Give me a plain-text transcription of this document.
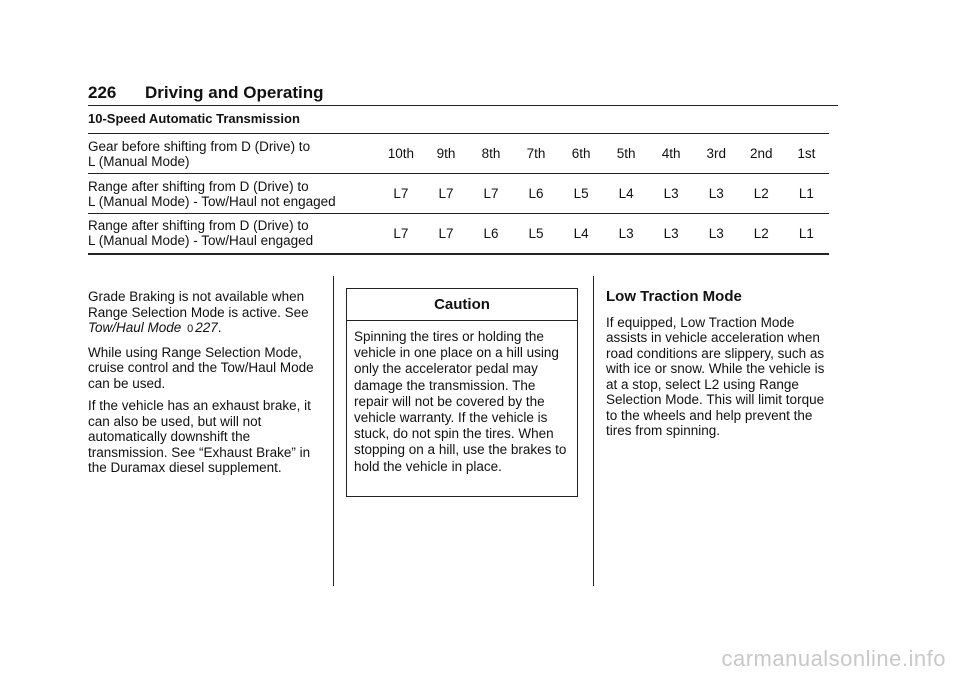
226 Driving and Operating
10-Speed Automatic Transmission
Gear before shifting from D (Drive) to
L (Manual Mode)	10th	9th	8th	7th	6th	5th	4th	3rd	2nd	1st

Range after shifting from D (Drive) to
L (Manual Mode) - Tow/Haul not engaged	L7	L7	L7	L6	L5	L4	L3	L3	L2	L1

Range after shifting from D (Drive) to
L (Manual Mode) - Tow/Haul engaged	L7	L7	L6	L5	L4	L3	L3	L3	L2	L1

Grade Braking is not available when Range Selection Mode is active. See Tow/Haul Mode 0 227.

While using Range Selection Mode, cruise control and the Tow/Haul Mode can be used.

If the vehicle has an exhaust brake, it can also be used, but will not automatically downshift the transmission. See “Exhaust Brake” in the Duramax diesel supplement.

Caution
Spinning the tires or holding the vehicle in one place on a hill using only the accelerator pedal may damage the transmission. The repair will not be covered by the vehicle warranty. If the vehicle is stuck, do not spin the tires. When stopping on a hill, use the brakes to hold the vehicle in place.
Low Traction Mode

If equipped, Low Traction Mode assists in vehicle acceleration when road conditions are slippery, such as with ice or snow. While the vehicle is at a stop, select L2 using Range Selection Mode. This will limit torque to the wheels and help prevent the tires from spinning.

carmanualsonline.info
